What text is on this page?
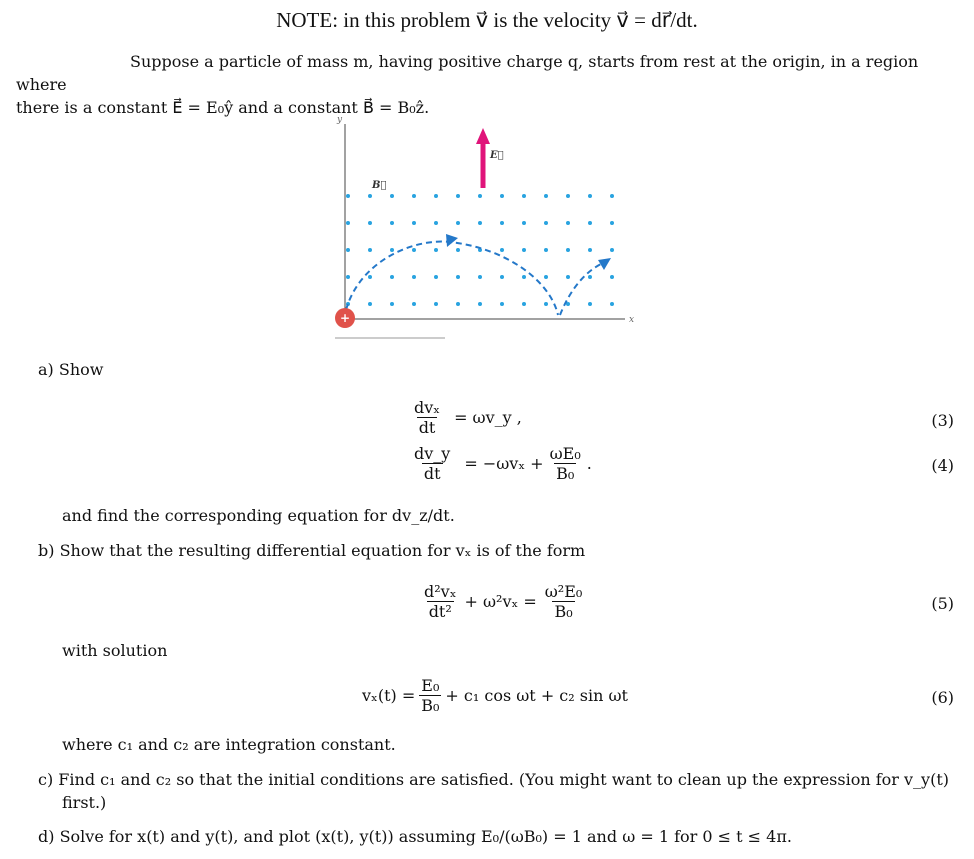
NOTE: in this problem v⃗ is the velocity v⃗ = dr⃗/dt.
Suppose a particle of mass m, having positive charge q, starts from rest at the origin, in a region where
there is a constant E⃗ = E₀ŷ and a constant B⃗ = B₀ẑ.
y
x
E⃗
B⃗
+
a) Show
$\frac{\text{dvₓ}}{dt}$ = ωv_y ,	(3)
$\frac{dv\_y}{dt} = -\omega v_x + \frac{\text{ωE₀}}{\text{B₀}}$ .	(4)
and find the corresponding equation for dv_z/dt.
b) Show that the resulting differential equation for vₓ is of the form
$\frac{\text{d²vₓ}}{\text{dt²}} + \omega^2v_x = \frac{\text{ω²E₀}}{\text{B₀}}$	(5)
with solution
$v_x(t) = \frac{\text{E₀}}{\text{B₀}} + c_1$ cos ωt + c₂ sin ωt	(6)
where c₁ and c₂ are integration constant.
c) Find c₁ and c₂ so that the initial conditions are satisfied. (You might want to clean up the expression for v_y(t)
first.)
d) Solve for x(t) and y(t), and plot (x(t), y(t)) assuming E₀/(ωB₀) = 1 and ω = 1 for 0 ≤ t ≤ 4π.
